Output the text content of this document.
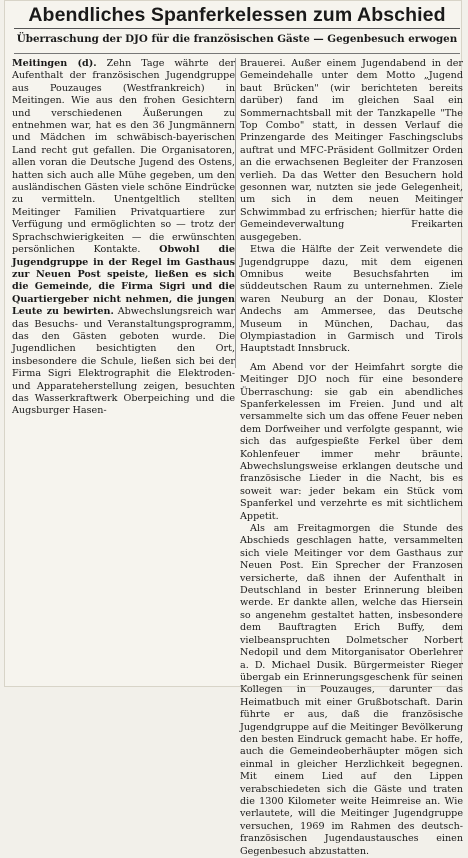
Abendliches Spanferkelessen zum Abschied
Überraschung der DJO für die französischen Gäste — Gegenbesuch erwogen

Meitingen (d). Zehn Tage währte der Aufenthalt der französischen Jugendgruppe aus Pouzauges (Westfrankreich) in Meitingen. Wie aus den frohen Gesichtern und verschiedenen Äußerungen zu entnehmen war, hat es den 36 Jungmännern und Mädchen im schwäbisch-bayerischen Land recht gut gefallen. Die Organisatoren, allen voran die Deutsche Jugend des Ostens, hatten sich auch alle Mühe gegeben, um den ausländischen Gästen viele schöne Eindrücke zu vermitteln. Unentgeltlich stellten Meitinger Familien Privatquartiere zur Verfügung und ermöglichten so — trotz der Sprachschwierigkeiten — die erwünschten persönlichen Kontakte. Obwohl die Jugendgruppe in der Regel im Gasthaus zur Neuen Post speiste, ließen es sich die Gemeinde, die Firma Sigri und die Quartiergeber nicht nehmen, die jungen Leute zu bewirten. Abwechslungsreich war das Besuchs- und Veranstaltungsprogramm, das den Gästen geboten wurde. Die Jugendlichen besichtigten den Ort, insbesondere die Schule, ließen sich bei der Firma Sigri Elektrographit die Elektroden- und Apparateherstellung zeigen, besuchten das Wasserkraftwerk Oberpeiching und die Augsburger Hasen-

Brauerei. Außer einem Jugendabend in der Gemeindehalle unter dem Motto „Jugend baut Brücken" (wir berichteten bereits darüber) fand im gleichen Saal ein Sommernachtsball mit der Tanzkapelle "The Top Combo" statt, in dessen Verlauf die Prinzengarde des Meitinger Faschingsclubs auftrat und MFC-Präsident Gollmitzer Orden an die erwachsenen Begleiter der Franzosen verlieh. Da das Wetter den Besuchern hold gesonnen war, nutzten sie jede Gelegenheit, um sich in dem neuen Meitinger Schwimmbad zu erfrischen; hierfür hatte die Gemeindeverwaltung Freikarten ausgegeben.

Etwa die Hälfte der Zeit verwendete die Jugendgruppe dazu, mit dem eigenen Omnibus weite Besuchsfahrten im süddeutschen Raum zu unternehmen. Ziele waren Neuburg an der Donau, Kloster Andechs am Ammersee, das Deutsche Museum in München, Dachau, das Olympiastadion in Garmisch und Tirols Hauptstadt Innsbruck.

Am Abend vor der Heimfahrt sorgte die Meitinger DJO noch für eine besondere Überraschung: sie gab ein abendliches Spanferkelessen im Freien. Jund und alt versammelte sich um das offene Feuer neben dem Dorfweiher und verfolgte gespannt, wie sich das aufgespießte Ferkel über dem Kohlenfeuer immer mehr bräunte. Abwechslungsweise erklangen deutsche und französische Lieder in die Nacht, bis es soweit war: jeder bekam ein Stück vom Spanferkel und verzehrte es mit sichtlichem Appetit.

Als am Freitagmorgen die Stunde des Abschieds geschlagen hatte, versammelten sich viele Meitinger vor dem Gasthaus zur Neuen Post. Ein Sprecher der Franzosen versicherte, daß ihnen der Aufenthalt in Deutschland in bester Erinnerung bleiben werde. Er dankte allen, welche das Hiersein so angenehm gestaltet hatten, insbesondere dem Bauftragten Erich Buffy, dem vielbeanspruchten Dolmetscher Norbert Nedopil und dem Mitorganisator Oberlehrer a. D. Michael Dusik. Bürgermeister Rieger übergab ein Erinnerungsgeschenk für seinen Kollegen in Pouzauges, darunter das Heimatbuch mit einer Grußbotschaft. Darin führte er aus, daß die französische Jugendgruppe auf die Meitinger Bevölkerung den besten Eindruck gemacht habe. Er hoffe, auch die Gemeindeoberhäupter mögen sich einmal in gleicher Herzlichkeit begegnen. Mit einem Lied auf den Lippen verabschiedeten sich die Gäste und traten die 1300 Kilometer weite Heimreise an. Wie verlautete, will die Meitinger Jugendgruppe versuchen, 1969 im Rahmen des deutsch-französischen Jugendaustausches einen Gegenbesuch abzustatten.
